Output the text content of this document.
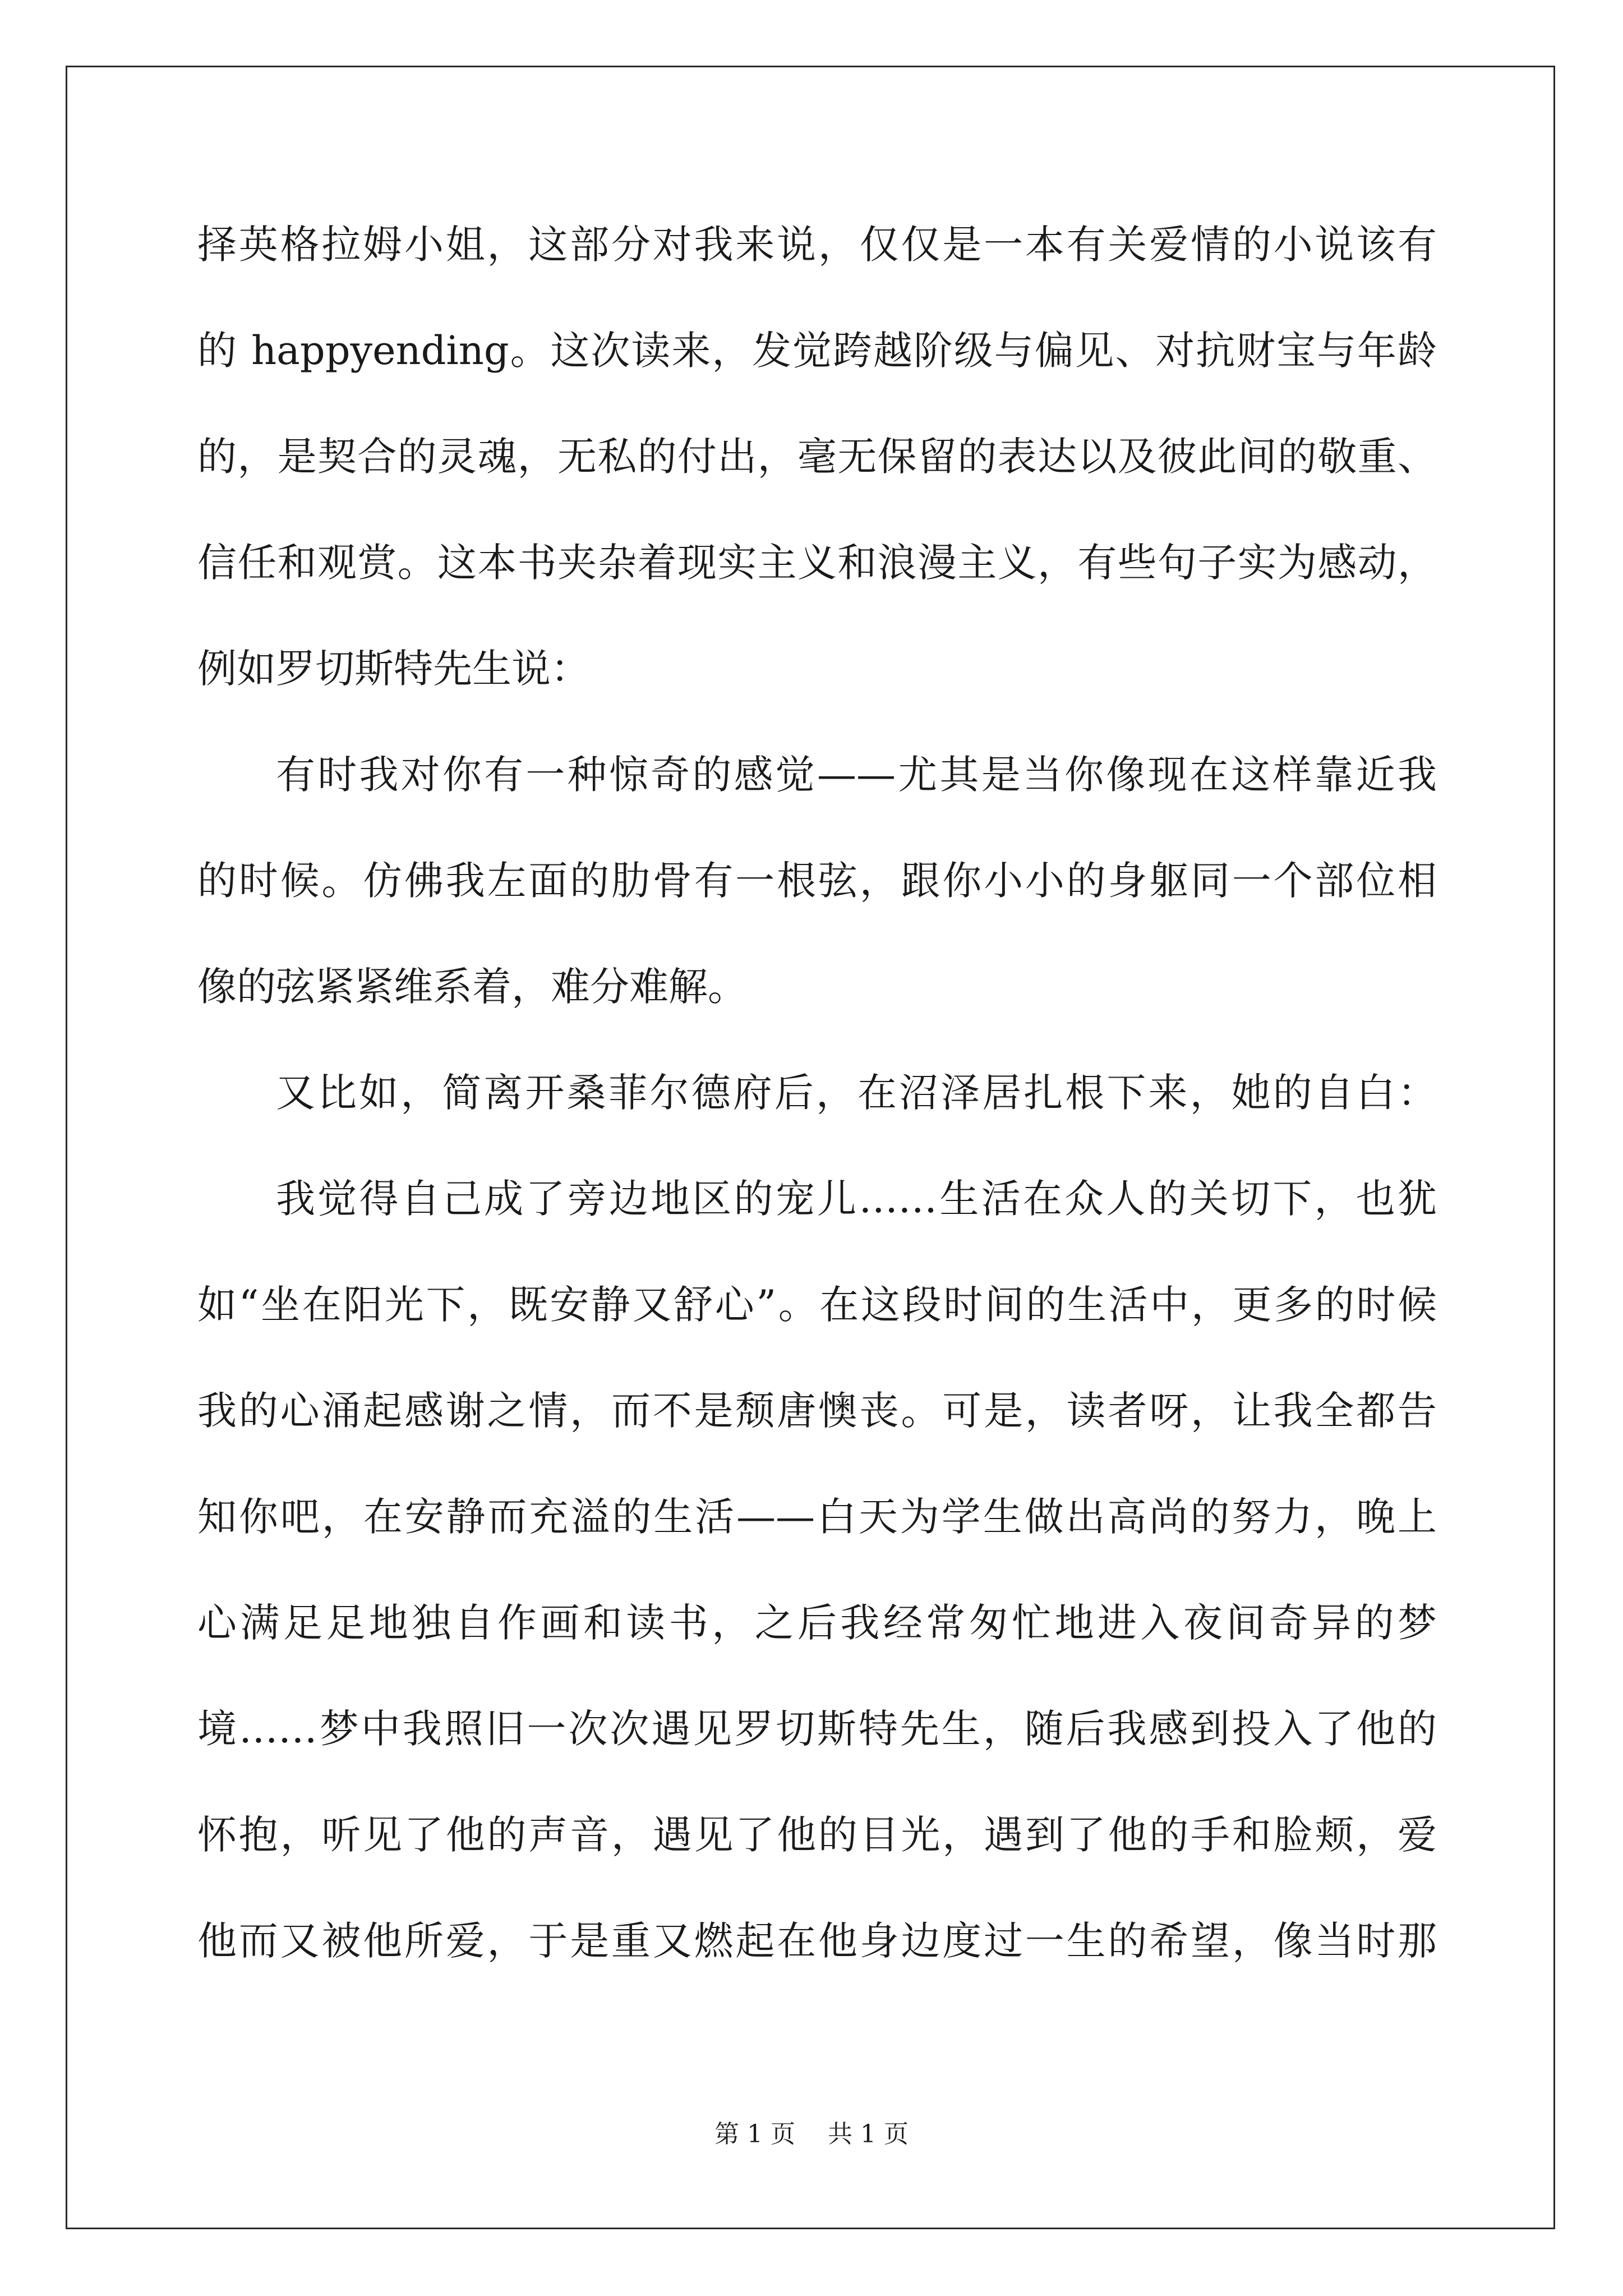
择英格拉姆小姐，这部分对我来说，仅仅是一本有关爱情的小说该有
的 happyending。这次读来，发觉跨越阶级与偏见、对抗财宝与年龄
的，是契合的灵魂，无私的付出，毫无保留的表达以及彼此间的敬重、
信任和观赏。这本书夹杂着现实主义和浪漫主义，有些句子实为感动，
例如罗切斯特先生说：
有时我对你有一种惊奇的感觉——尤其是当你像现在这样靠近我
的时候。仿佛我左面的肋骨有一根弦，跟你小小的身躯同一个部位相
像的弦紧紧维系着，难分难解。
又比如，简离开桑菲尔德府后，在沼泽居扎根下来，她的自白：
我觉得自己成了旁边地区的宠儿……生活在众人的关切下，也犹
如“坐在阳光下，既安静又舒心”。在这段时间的生活中，更多的时候
我的心涌起感谢之情，而不是颓唐懊丧。可是，读者呀，让我全都告
知你吧，在安静而充溢的生活——白天为学生做出高尚的努力，晚上
心满足足地独自作画和读书，之后我经常匆忙地进入夜间奇异的梦
境……梦中我照旧一次次遇见罗切斯特先生，随后我感到投入了他的
怀抱，听见了他的声音，遇见了他的目光，遇到了他的手和脸颊，爱
他而又被他所爱，于是重又燃起在他身边度过一生的希望，像当时那
第 1 页　 共 1 页
